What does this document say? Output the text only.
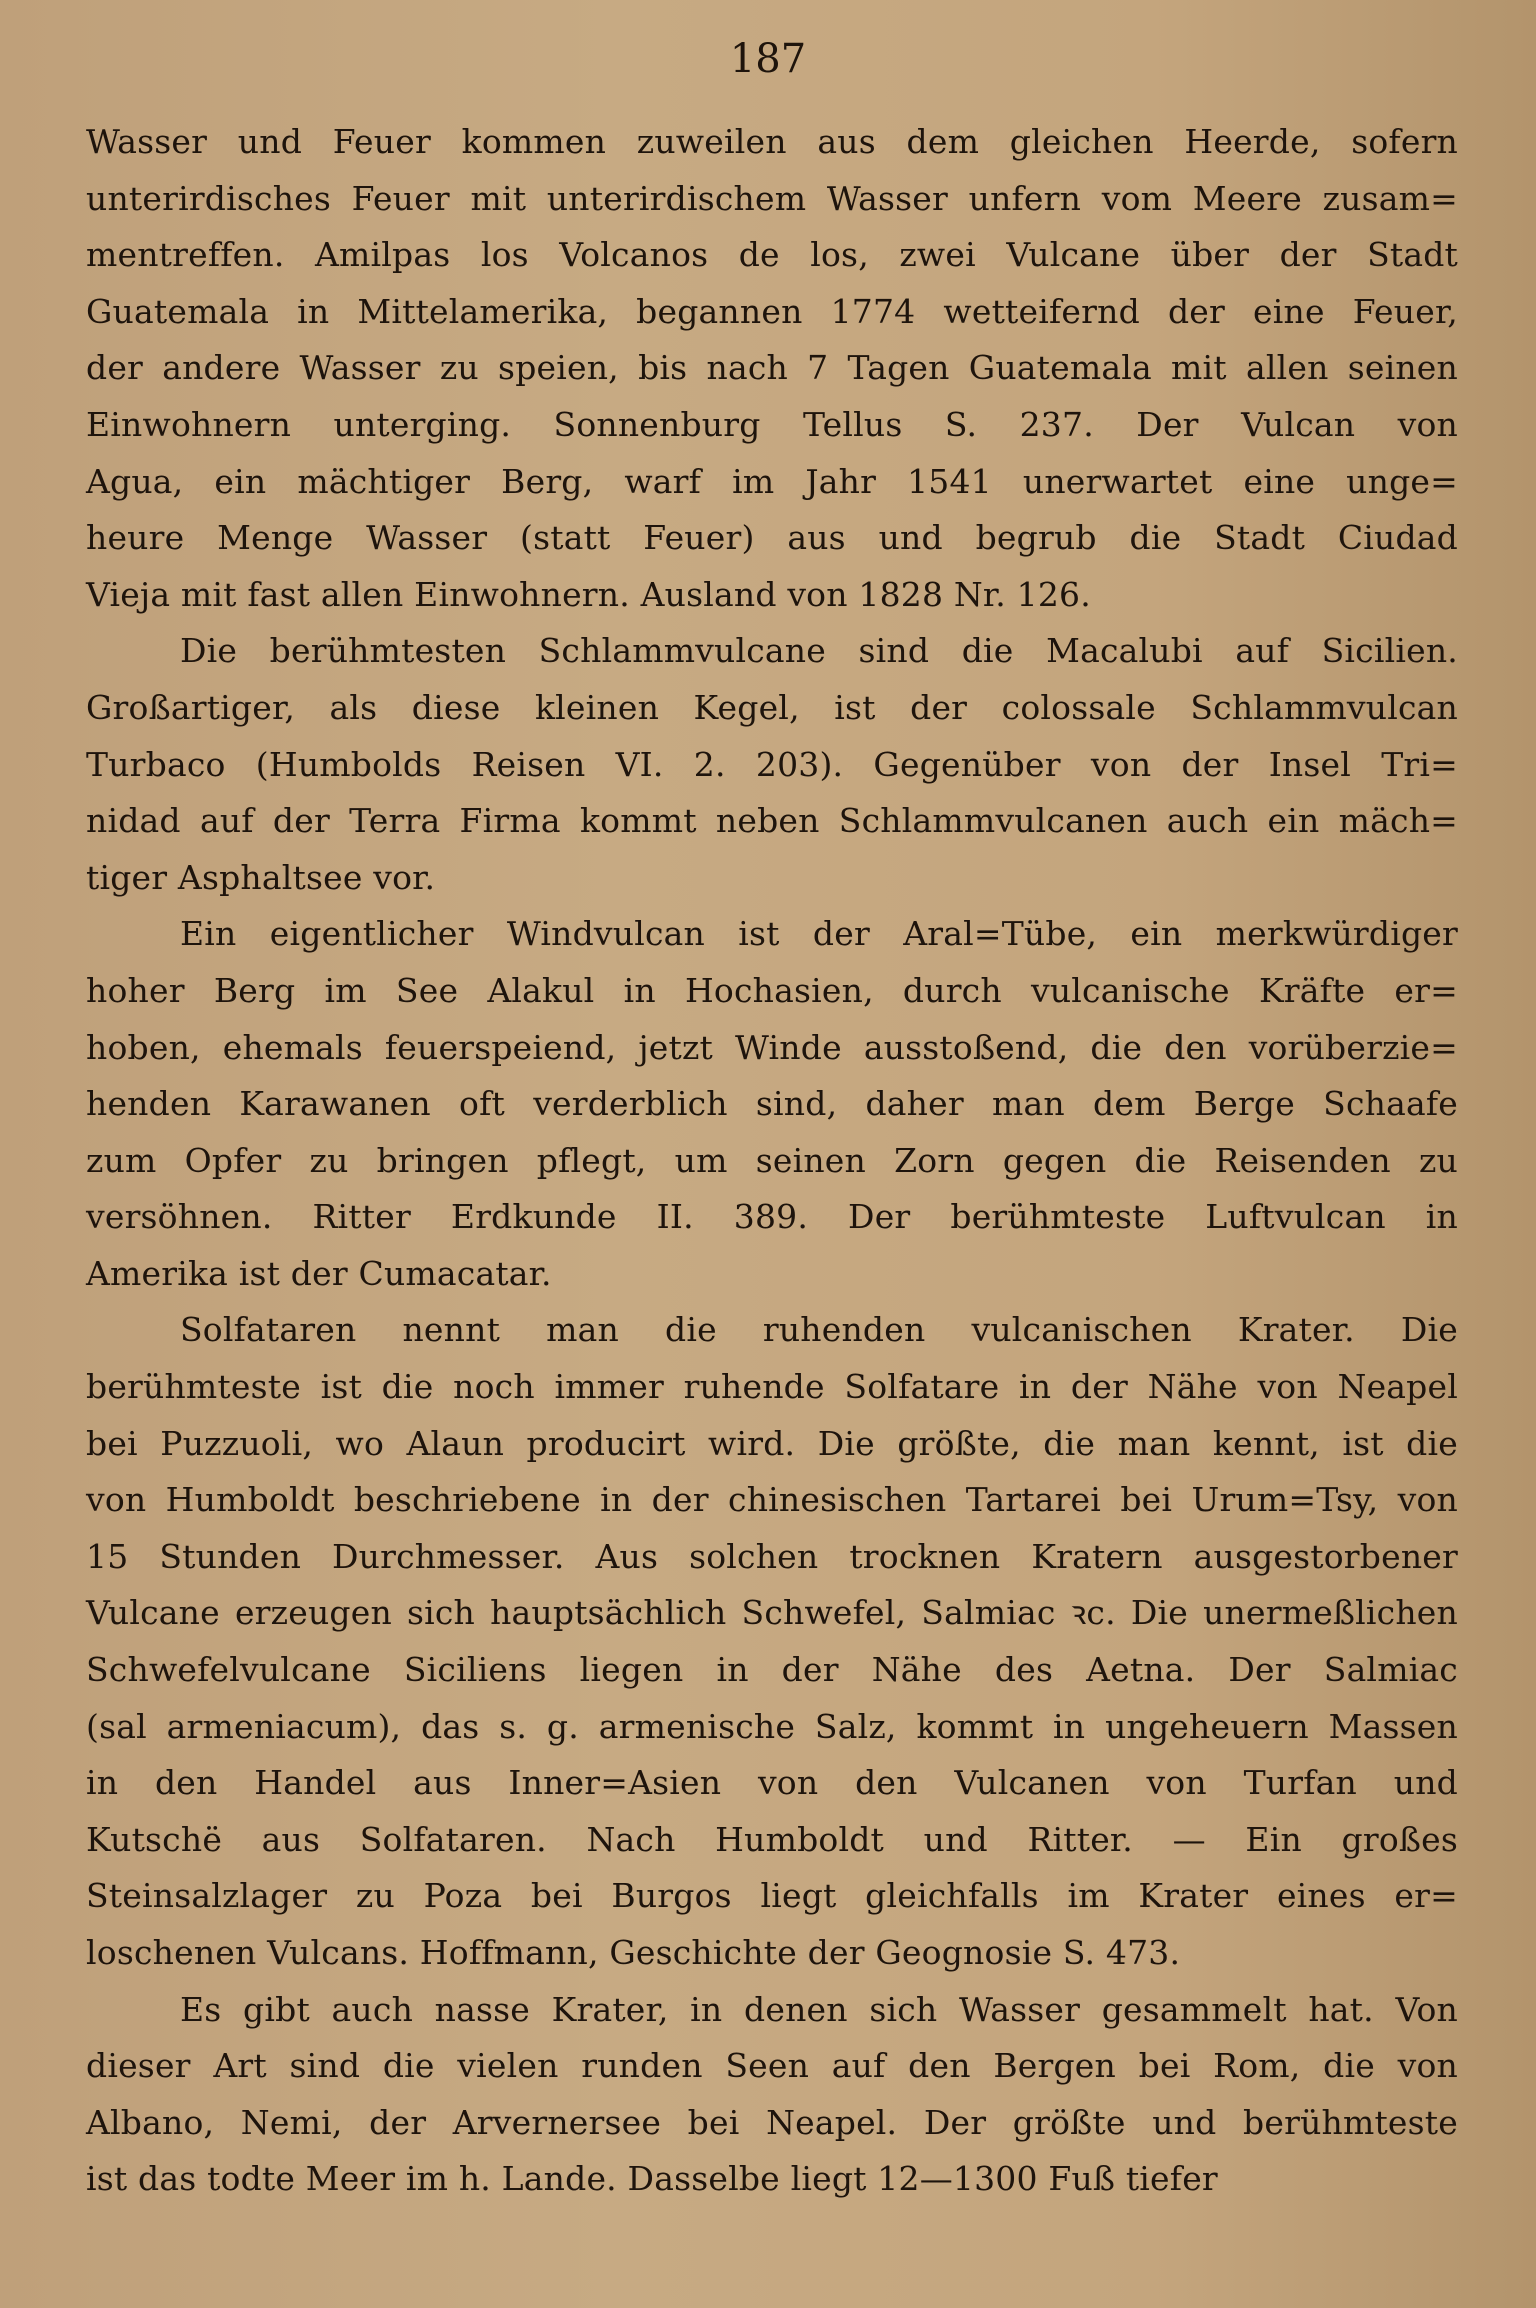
187
Wasser und Feuer kommen zuweilen aus dem gleichen Heerde, sofern
unterirdisches Feuer mit unterirdischem Wasser unfern vom Meere zusam=
mentreffen. Amilpas los Volcanos de los, zwei Vulcane über der Stadt
Guatemala in Mittelamerika, begannen 1774 wetteifernd der eine Feuer,
der andere Wasser zu speien, bis nach 7 Tagen Guatemala mit allen seinen
Einwohnern unterging. Sonnenburg Tellus S. 237. Der Vulcan von
Agua, ein mächtiger Berg, warf im Jahr 1541 unerwartet eine unge=
heure Menge Wasser (statt Feuer) aus und begrub die Stadt Ciudad
Vieja mit fast allen Einwohnern. Ausland von 1828 Nr. 126.
Die berühmtesten Schlammvulcane sind die Macalubi auf Sicilien.
Großartiger, als diese kleinen Kegel, ist der colossale Schlammvulcan
Turbaco (Humbolds Reisen VI. 2. 203). Gegenüber von der Insel Tri=
nidad auf der Terra Firma kommt neben Schlammvulcanen auch ein mäch=
tiger Asphaltsee vor.
Ein eigentlicher Windvulcan ist der Aral=Tübe, ein merkwürdiger
hoher Berg im See Alakul in Hochasien, durch vulcanische Kräfte er=
hoben, ehemals feuerspeiend, jetzt Winde ausstoßend, die den vorüberzie=
henden Karawanen oft verderblich sind, daher man dem Berge Schaafe
zum Opfer zu bringen pflegt, um seinen Zorn gegen die Reisenden zu
versöhnen. Ritter Erdkunde II. 389. Der berühmteste Luftvulcan in
Amerika ist der Cumacatar.
Solfataren nennt man die ruhenden vulcanischen Krater. Die
berühmteste ist die noch immer ruhende Solfatare in der Nähe von Neapel
bei Puzzuoli, wo Alaun producirt wird. Die größte, die man kennt, ist die
von Humboldt beschriebene in der chinesischen Tartarei bei Urum=Tsy, von
15 Stunden Durchmesser. Aus solchen trocknen Kratern ausgestorbener
Vulcane erzeugen sich hauptsächlich Schwefel, Salmiac ꝛc. Die unermeßlichen
Schwefelvulcane Siciliens liegen in der Nähe des Aetna. Der Salmiac
(sal armeniacum), das s. g. armenische Salz, kommt in ungeheuern Massen
in den Handel aus Inner=Asien von den Vulcanen von Turfan und
Kutschë aus Solfataren. Nach Humboldt und Ritter. — Ein großes
Steinsalzlager zu Poza bei Burgos liegt gleichfalls im Krater eines er=
loschenen Vulcans. Hoffmann, Geschichte der Geognosie S. 473.
Es gibt auch nasse Krater, in denen sich Wasser gesammelt hat. Von
dieser Art sind die vielen runden Seen auf den Bergen bei Rom, die von
Albano, Nemi, der Arvernersee bei Neapel. Der größte und berühmteste
ist das todte Meer im h. Lande. Dasselbe liegt 12—1300 Fuß tiefer
